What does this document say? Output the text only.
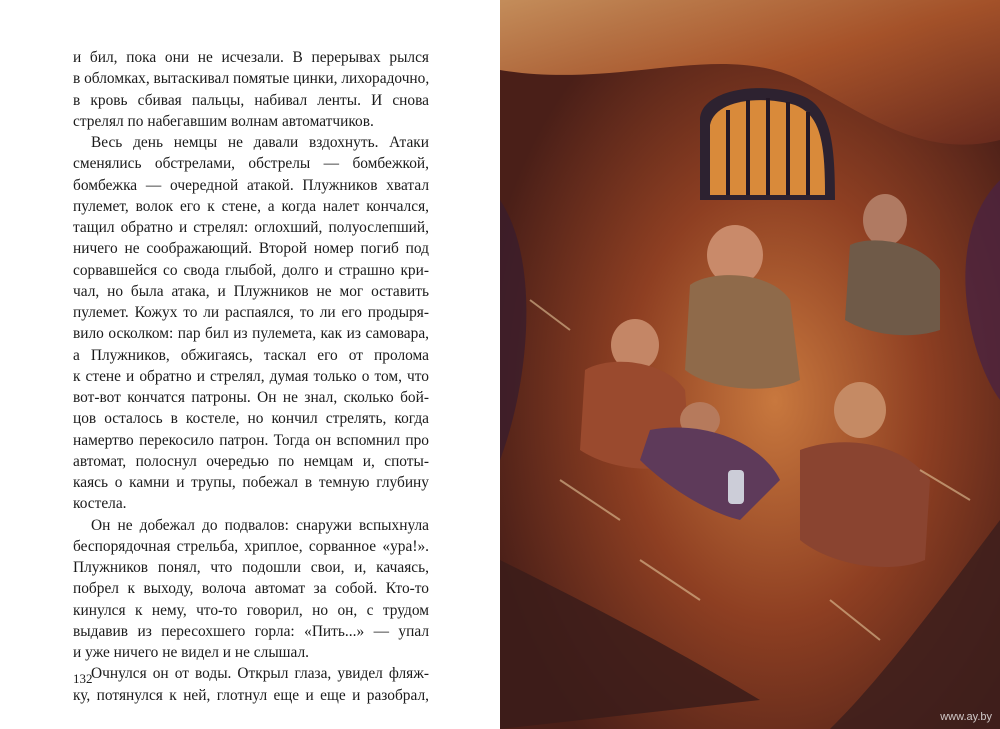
и бил, пока они не исчезали. В перерывах рылся
в обломках, вытаскивал помятые цинки, лихорадочно,
в кровь сбивая пальцы, набивал ленты. И снова
стрелял по набегавшим волнам автоматчиков.
Весь день немцы не давали вздохнуть. Атаки
сменялись обстрелами, обстрелы — бомбежкой,
бомбежка — очередной атакой. Плужников хватал
пулемет, волок его к стене, а когда налет кончался,
тащил обратно и стрелял: оглохший, полуослепший,
ничего не соображающий. Второй номер погиб под
сорвавшейся со свода глыбой, долго и страшно кри-
чал, но была атака, и Плужников не мог оставить
пулемет. Кожух то ли распаялся, то ли его продыря-
вило осколком: пар бил из пулемета, как из самовара,
а Плужников, обжигаясь, таскал его от пролома
к стене и обратно и стрелял, думая только о том, что
вот-вот кончатся патроны. Он не знал, сколько бой-
цов осталось в костеле, но кончил стрелять, когда
намертво перекосило патрон. Тогда он вспомнил про
автомат, полоснул очередью по немцам и, споты-
каясь о камни и трупы, побежал в темную глубину
костела.
Он не добежал до подвалов: снаружи вспыхнула
беспорядочная стрельба, хриплое, сорванное «ура!».
Плужников понял, что подошли свои, и, качаясь,
побрел к выходу, волоча автомат за собой. Кто-то
кинулся к нему, что-то говорил, но он, с трудом
выдавив из пересохшего горла: «Пить...» — упал
и уже ничего не видел и не слышал.
Очнулся он от воды. Открыл глаза, увидел фляж-
ку, потянулся к ней, глотнул еще и еще и разобрал,
132
www.ay.by
